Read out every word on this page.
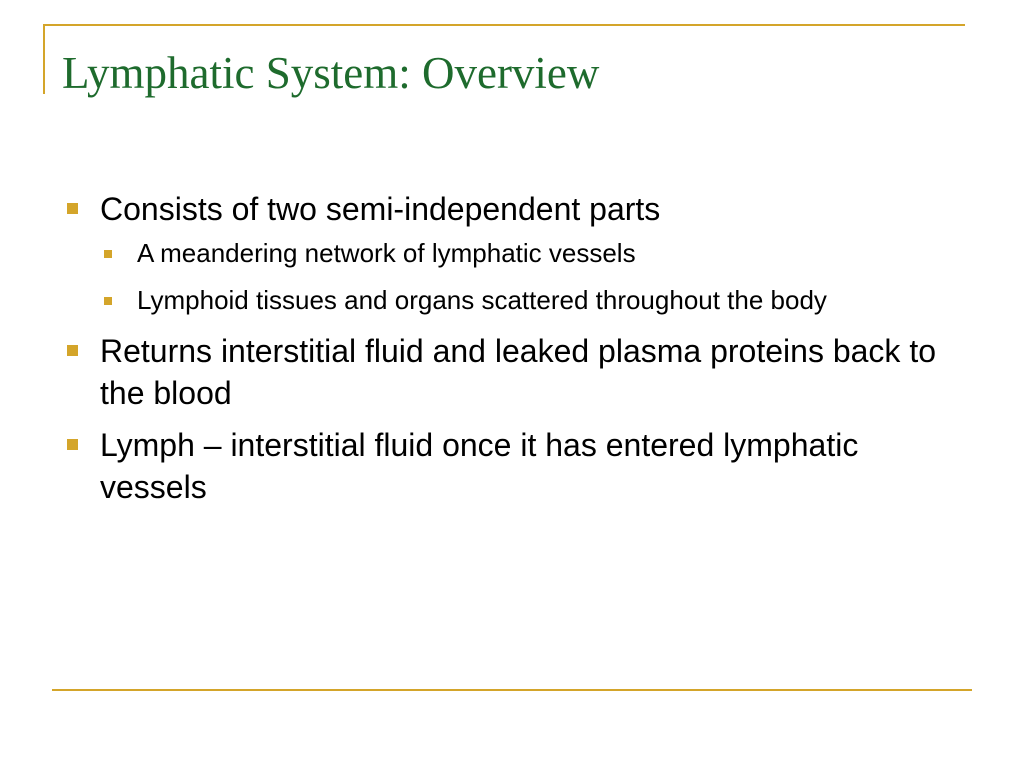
Lymphatic System: Overview
Consists of two semi-independent parts
A meandering network of lymphatic vessels
Lymphoid tissues and organs scattered throughout the body
Returns interstitial fluid and leaked plasma proteins back to the blood
Lymph – interstitial fluid once it has entered lymphatic vessels
